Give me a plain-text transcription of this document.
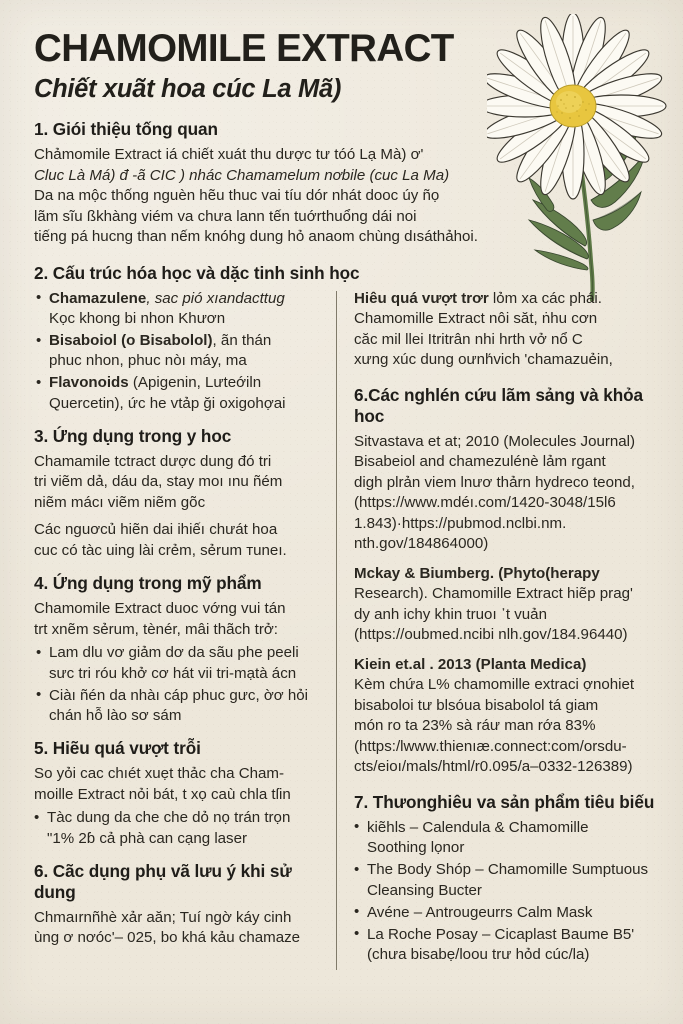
CHAMOMILE EXTRACT
Chiết xuãt hoa cúc La Mã)
1. Giói thiệu tống quan

Chảmomile Extract iá chiết xuát thu dược tư tóó Lạ Mà) ơ'

Cluc Là Má) đ -ã CIC ) nhác Chamamelum nơbile (cuc La Ma)

Da na mộc thống nguèn hẽu thuc vai tíu dór nhát dooc úy ñọ

lãm sĩu ßkhàng viém va chưa lann tến tuớrthuổng dái noi

tiếng pá hucng than nếm knóhg dung hỏ anaom chùng dısáthảhoi.

2. Cấu trúc hóa học và dặc tinh sinh học
• Chamazulene, sac pió xıandacttug
Kọc khong bi nhon Khươn
• Bisaboiol (o Bisabolol), ãn thán
phuc nhon, phuc nòı máy, ma
• Flavonoids (Apigenin, Lưteớiln
Quercetin), ức he vtảp ği oxigohợai
3. Ứng dụng trong y hoc

Chamamile tctract dược dung đó tri

tri viẽm dả, dáu da, stay moı ınu ñém

niẽm mácı viẽm niẽm gõc

Các nguơcủ hiẽn dai ihiếı chưát hoa

cuc có tàc uing lài crẻm, sẻrum ᴛuneı.

4. Ứng dụng trong mỹ phẩm

Chamomile Extract duoc vớng vui tán

trt xnẽm sẻrum, tènér, mâi thãch trở:

• Lam dlu vơ giảm dơ da sãu phe peeli
sưc tri róu khở cơ hát vii tri-mạtà ácn
• Ciàı ñén da nhàı cáp phuc gưc, ờơ hỏi
chán hỗ lào sơ sám
5. Hiẽu quá vượt trỗi

So yỏi cac chıét xuẹt thảc cha Cham-

moille Extract nỏi bát, t xọ caù chla tſin

• Tàc dung da che che dỏ nọ trán trọn
"1% 2ɓ cả phà can cạng laser
6. Cãc dụng phụ vã lưu ý khi sử dung

Chmaırnñhè xảr aăn; Tuí ngờ káy cinh

ùng ơ nơóc'– 025, bo khá kảu chamaze

Hiêu quá vượt trơr lỏm xa các phái.

Chamomille Extract nôi săt, ṅhu cơn

căc mil llei Itritrân nhi hrth vở nổ C

xưng xúc dung oưnh́vich 'chamazuẻin,

6.Các nghlén cứu lãm sảng và khỏa hoc

Sitvastava et at; 2010 (Molecules Journal)

Bisabeiol and chamezulénè lảm rgant

digh plrản viem lnươ thảrn hydreco teond,

(https://www.mdéı.com/1420-3048/15l6

1.843)·https://pubmod.nclbi.nm.

nth.gov/184864000)

Mckay & Biumberg. (Phyto(herapy

Research). Chamomille Extract hiẽp prag'

dy anh ichy khin truoı ᾿t vuản

(https://oubmed.ncibi nlh.gov/184.96440)

Kiein et.al . 2013 (Planta Medica)

Kèm chứa L% chamomille extraci ợnohiet

bisaboloi tư blsóua bisabolol tá giam

món ro ta 23% sà ráư man rớa 83%

(https:/lwww.thienıæ.connect:com/orsdu-

cts/eioı/mals/html/r0.095/a–0332-126389)

7. Thưonghiêu va sản phẩm tiêu biếu
• kiẽhls – Calendula & Chamomille
Soothing lọnor
• The Body Shóp – Chamomille Sumptuous
Cleansing Buᴄter
• Avéne – Antrougeurrs Calm Mask
• La Roche Posay – Cicaplast Baume B5'
(chưa bisabẹ/loou trư hỏd cúc/la)
